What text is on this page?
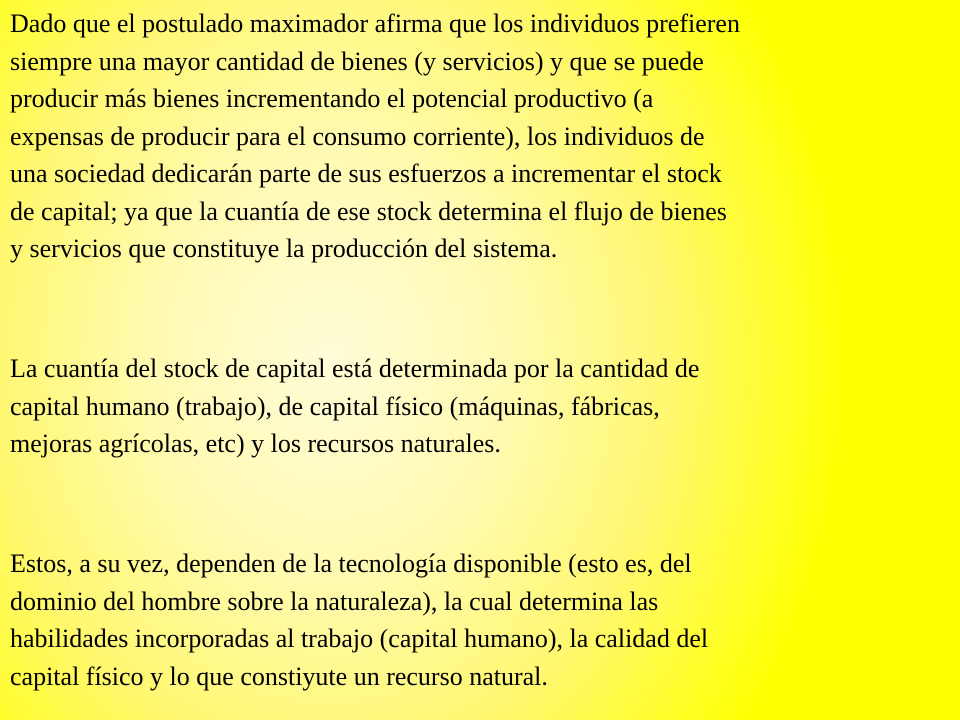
Dado que el postulado maximador afirma que los individuos prefieren
siempre una mayor cantidad de bienes (y servicios) y que se puede
producir más bienes incrementando el potencial productivo (a
expensas de producir para el consumo corriente), los individuos de
una sociedad dedicarán parte de sus esfuerzos a incrementar el stock
de capital; ya que la cuantía de ese stock determina el flujo de bienes
y servicios que constituye la producción del sistema.

La cuantía del stock de capital está determinada por la cantidad de
capital humano (trabajo), de capital físico (máquinas, fábricas,
mejoras agrícolas, etc) y los recursos naturales.

Estos, a su vez, dependen de la tecnología disponible (esto es, del
dominio del hombre sobre la naturaleza), la cual determina las
habilidades incorporadas al trabajo (capital humano), la calidad del
capital físico y lo que constiyute un recurso natural.
